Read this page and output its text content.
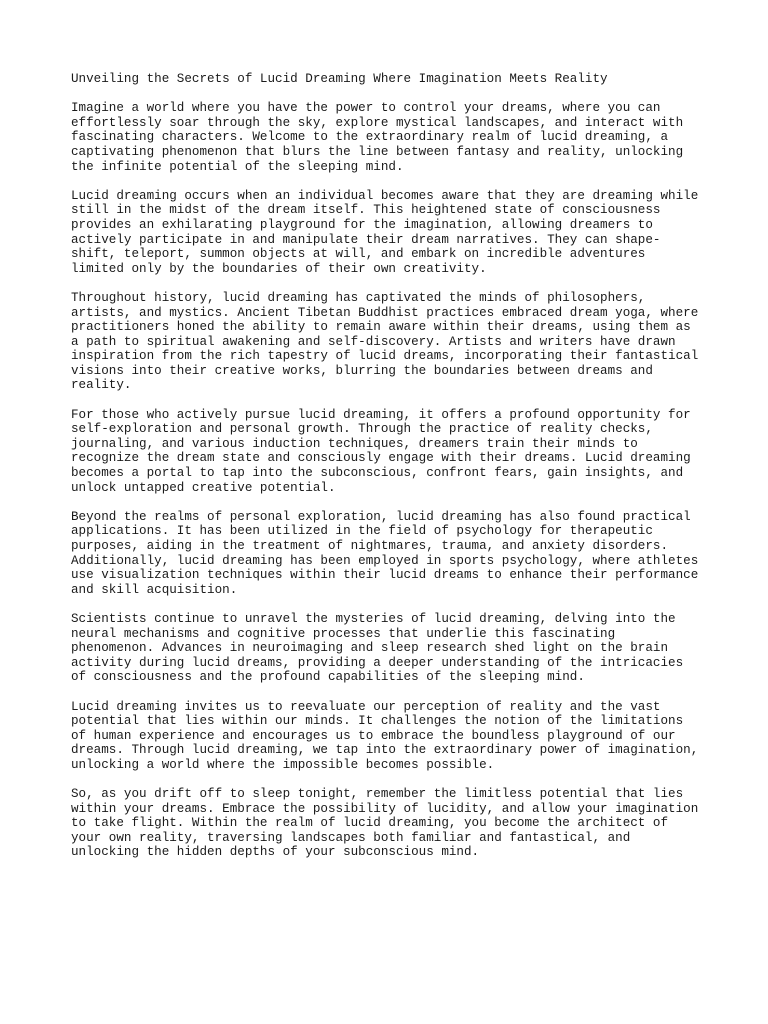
Unveiling the Secrets of Lucid Dreaming Where Imagination Meets Reality
Imagine a world where you have the power to control your dreams, where you can
effortlessly soar through the sky, explore mystical landscapes, and interact with
fascinating characters. Welcome to the extraordinary realm of lucid dreaming, a
captivating phenomenon that blurs the line between fantasy and reality, unlocking
the infinite potential of the sleeping mind.
Lucid dreaming occurs when an individual becomes aware that they are dreaming while
still in the midst of the dream itself. This heightened state of consciousness
provides an exhilarating playground for the imagination, allowing dreamers to
actively participate in and manipulate their dream narratives. They can shape-
shift, teleport, summon objects at will, and embark on incredible adventures
limited only by the boundaries of their own creativity.
Throughout history, lucid dreaming has captivated the minds of philosophers,
artists, and mystics. Ancient Tibetan Buddhist practices embraced dream yoga, where
practitioners honed the ability to remain aware within their dreams, using them as
a path to spiritual awakening and self-discovery. Artists and writers have drawn
inspiration from the rich tapestry of lucid dreams, incorporating their fantastical
visions into their creative works, blurring the boundaries between dreams and
reality.
For those who actively pursue lucid dreaming, it offers a profound opportunity for
self-exploration and personal growth. Through the practice of reality checks,
journaling, and various induction techniques, dreamers train their minds to
recognize the dream state and consciously engage with their dreams. Lucid dreaming
becomes a portal to tap into the subconscious, confront fears, gain insights, and
unlock untapped creative potential.
Beyond the realms of personal exploration, lucid dreaming has also found practical
applications. It has been utilized in the field of psychology for therapeutic
purposes, aiding in the treatment of nightmares, trauma, and anxiety disorders.
Additionally, lucid dreaming has been employed in sports psychology, where athletes
use visualization techniques within their lucid dreams to enhance their performance
and skill acquisition.
Scientists continue to unravel the mysteries of lucid dreaming, delving into the
neural mechanisms and cognitive processes that underlie this fascinating
phenomenon. Advances in neuroimaging and sleep research shed light on the brain
activity during lucid dreams, providing a deeper understanding of the intricacies
of consciousness and the profound capabilities of the sleeping mind.
Lucid dreaming invites us to reevaluate our perception of reality and the vast
potential that lies within our minds. It challenges the notion of the limitations
of human experience and encourages us to embrace the boundless playground of our
dreams. Through lucid dreaming, we tap into the extraordinary power of imagination,
unlocking a world where the impossible becomes possible.
So, as you drift off to sleep tonight, remember the limitless potential that lies
within your dreams. Embrace the possibility of lucidity, and allow your imagination
to take flight. Within the realm of lucid dreaming, you become the architect of
your own reality, traversing landscapes both familiar and fantastical, and
unlocking the hidden depths of your subconscious mind.
